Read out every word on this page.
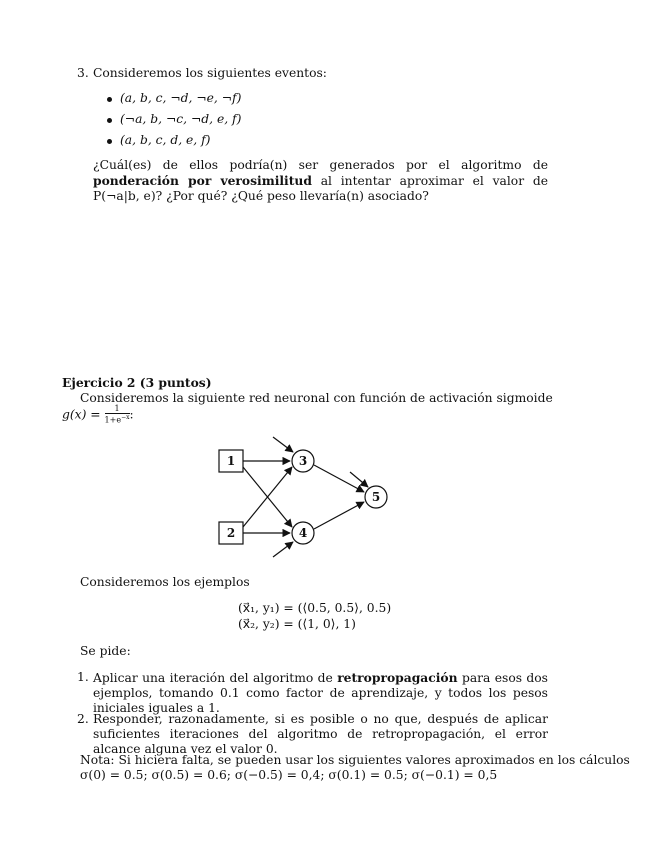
3. Consideremos los siguientes eventos:
(a, b, c, ¬d, ¬e, ¬f)
(¬a, b, ¬c, ¬d, e, f)
(a, b, c, d, e, f)
¿Cuál(es) de ellos podría(n) ser generados por el algoritmo de ponderación por verosimilitud al intentar aproximar el valor de P(¬a|b, e)? ¿Por qué? ¿Qué peso llevaría(n) asociado?
Ejercicio 2 (3 puntos)
Consideremos la siguiente red neuronal con función de activación sigmoide
$g(x) = \frac{1}{1+e^{-x}}$ :
1
2
3
4
5
Consideremos los ejemplos
(x⃗₁, y₁) = (⟨0.5, 0.5⟩, 0.5)
(x⃗₂, y₂) = (⟨1, 0⟩, 1)
Se pide:
1. Aplicar una iteración del algoritmo de retropropagación para esos dos ejemplos, tomando 0.1 como factor de aprendizaje, y todos los pesos iniciales iguales a 1.
2. Responder, razonadamente, si es posible o no que, después de aplicar suficientes iteraciones del algoritmo de retropropagación, el error alcance alguna vez el valor 0.
Nota: Si hiciera falta, se pueden usar los siguientes valores aproximados en los cálculos
σ(0) = 0.5; σ(0.5) = 0.6; σ(−0.5) = 0,4; σ(0.1) = 0.5; σ(−0.1) = 0,5
